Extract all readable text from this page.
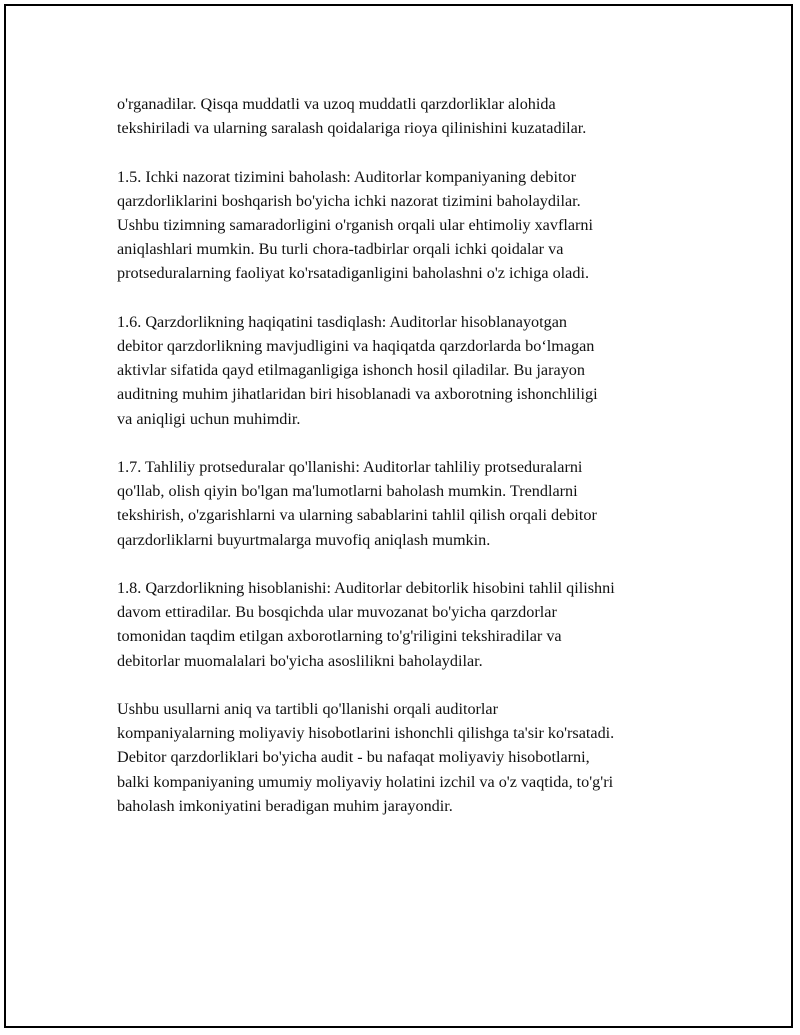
o'rganadilar. Qisqa muddatli va uzoq muddatli qarzdorliklar alohida
tekshiriladi va ularning saralash qoidalariga rioya qilinishini kuzatadilar.

1.5. Ichki nazorat tizimini baholash: Auditorlar kompaniyaning debitor
qarzdorliklarini boshqarish bo'yicha ichki nazorat tizimini baholaydilar.
Ushbu tizimning samaradorligini o'rganish orqali ular ehtimoliy xavflarni
aniqlashlari mumkin. Bu turli chora-tadbirlar orqali ichki qoidalar va
protseduralarning faoliyat ko'rsatadiganligini baholashni o'z ichiga oladi.

1.6. Qarzdorlikning haqiqatini tasdiqlash: Auditorlar hisoblanayotgan
debitor qarzdorlikning mavjudligini va haqiqatda qarzdorlarda bo‘lmagan
aktivlar sifatida qayd etilmaganligiga ishonch hosil qiladilar. Bu jarayon
auditning muhim jihatlaridan biri hisoblanadi va axborotning ishonchliligi
va aniqligi uchun muhimdir.

1.7. Tahliliy protseduralar qo'llanishi: Auditorlar tahliliy protseduralarni
qo'llab, olish qiyin bo'lgan ma'lumotlarni baholash mumkin. Trendlarni
tekshirish, o'zgarishlarni va ularning sabablarini tahlil qilish orqali debitor
qarzdorliklarni buyurtmalarga muvofiq aniqlash mumkin.

1.8. Qarzdorlikning hisoblanishi: Auditorlar debitorlik hisobini tahlil qilishni
davom ettiradilar. Bu bosqichda ular muvozanat bo'yicha qarzdorlar
tomonidan taqdim etilgan axborotlarning to'g'riligini tekshiradilar va
debitorlar muomalalari bo'yicha asoslilikni baholaydilar.

Ushbu usullarni aniq va tartibli qo'llanishi orqali auditorlar
kompaniyalarning moliyaviy hisobotlarini ishonchli qilishga ta'sir ko'rsatadi.
Debitor qarzdorliklari bo'yicha audit - bu nafaqat moliyaviy hisobotlarni,
balki kompaniyaning umumiy moliyaviy holatini izchil va o'z vaqtida, to'g'ri
baholash imkoniyatini beradigan muhim jarayondir.
